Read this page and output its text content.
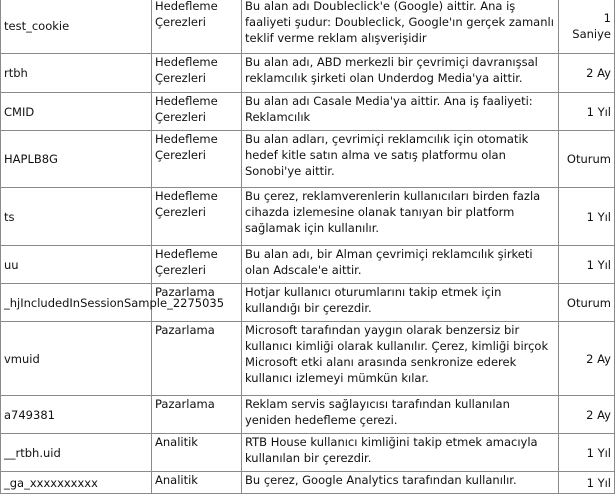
test_cookie	Hedefleme Çerezleri	Bu alan adı Doubleclick'e (Google) aittir. Ana iş faaliyeti şudur: Doubleclick, Google'ın gerçek zamanlı teklif verme reklam alışverişidir	1 Saniye
rtbh	Hedefleme Çerezleri	Bu alan adı, ABD merkezli bir çevrimiçi davranışsal reklamcılık şirketi olan Underdog Media'ya aittir.	2 Ay
CMID	Hedefleme Çerezleri	Bu alan adı Casale Media'ya aittir. Ana iş faaliyeti: Reklamcılık	1 Yıl
HAPLB8G	Hedefleme Çerezleri	Bu alan adları, çevrimiçi reklamcılık için otomatik hedef kitle satın alma ve satış platformu olan Sonobi'ye aittir.	Oturum
ts	Hedefleme Çerezleri	Bu çerez, reklamverenlerin kullanıcıları birden fazla cihazda izlemesine olanak tanıyan bir platform sağlamak için kullanılır.	1 Yıl
uu	Hedefleme Çerezleri	Bu alan adı, bir Alman çevrimiçi reklamcılık şirketi olan Adscale'e aittir.	1 Yıl
_hjIncludedInSessionSample_2275035	Pazarlama	Hotjar kullanıcı oturumlarını takip etmek için kullandığı bir çerezdir.	Oturum
vmuid	Pazarlama	Microsoft tarafından yaygın olarak benzersiz bir kullanıcı kimliği olarak kullanılır. Çerez, kimliği birçok Microsoft etki alanı arasında senkronize ederek kullanıcı izlemeyi mümkün kılar.	2 Ay
a749381	Pazarlama	Reklam servis sağlayıcısı tarafından kullanılan yeniden hedefleme çerezi.	2 Ay
__rtbh.uid	Analitik	RTB House kullanıcı kimliğini takip etmek amacıyla kullanılan bir çerezdir.	1 Yıl
_ga_xxxxxxxxxx	Analitik	Bu çerez, Google Analytics tarafından kullanılır.	1 Yıl
